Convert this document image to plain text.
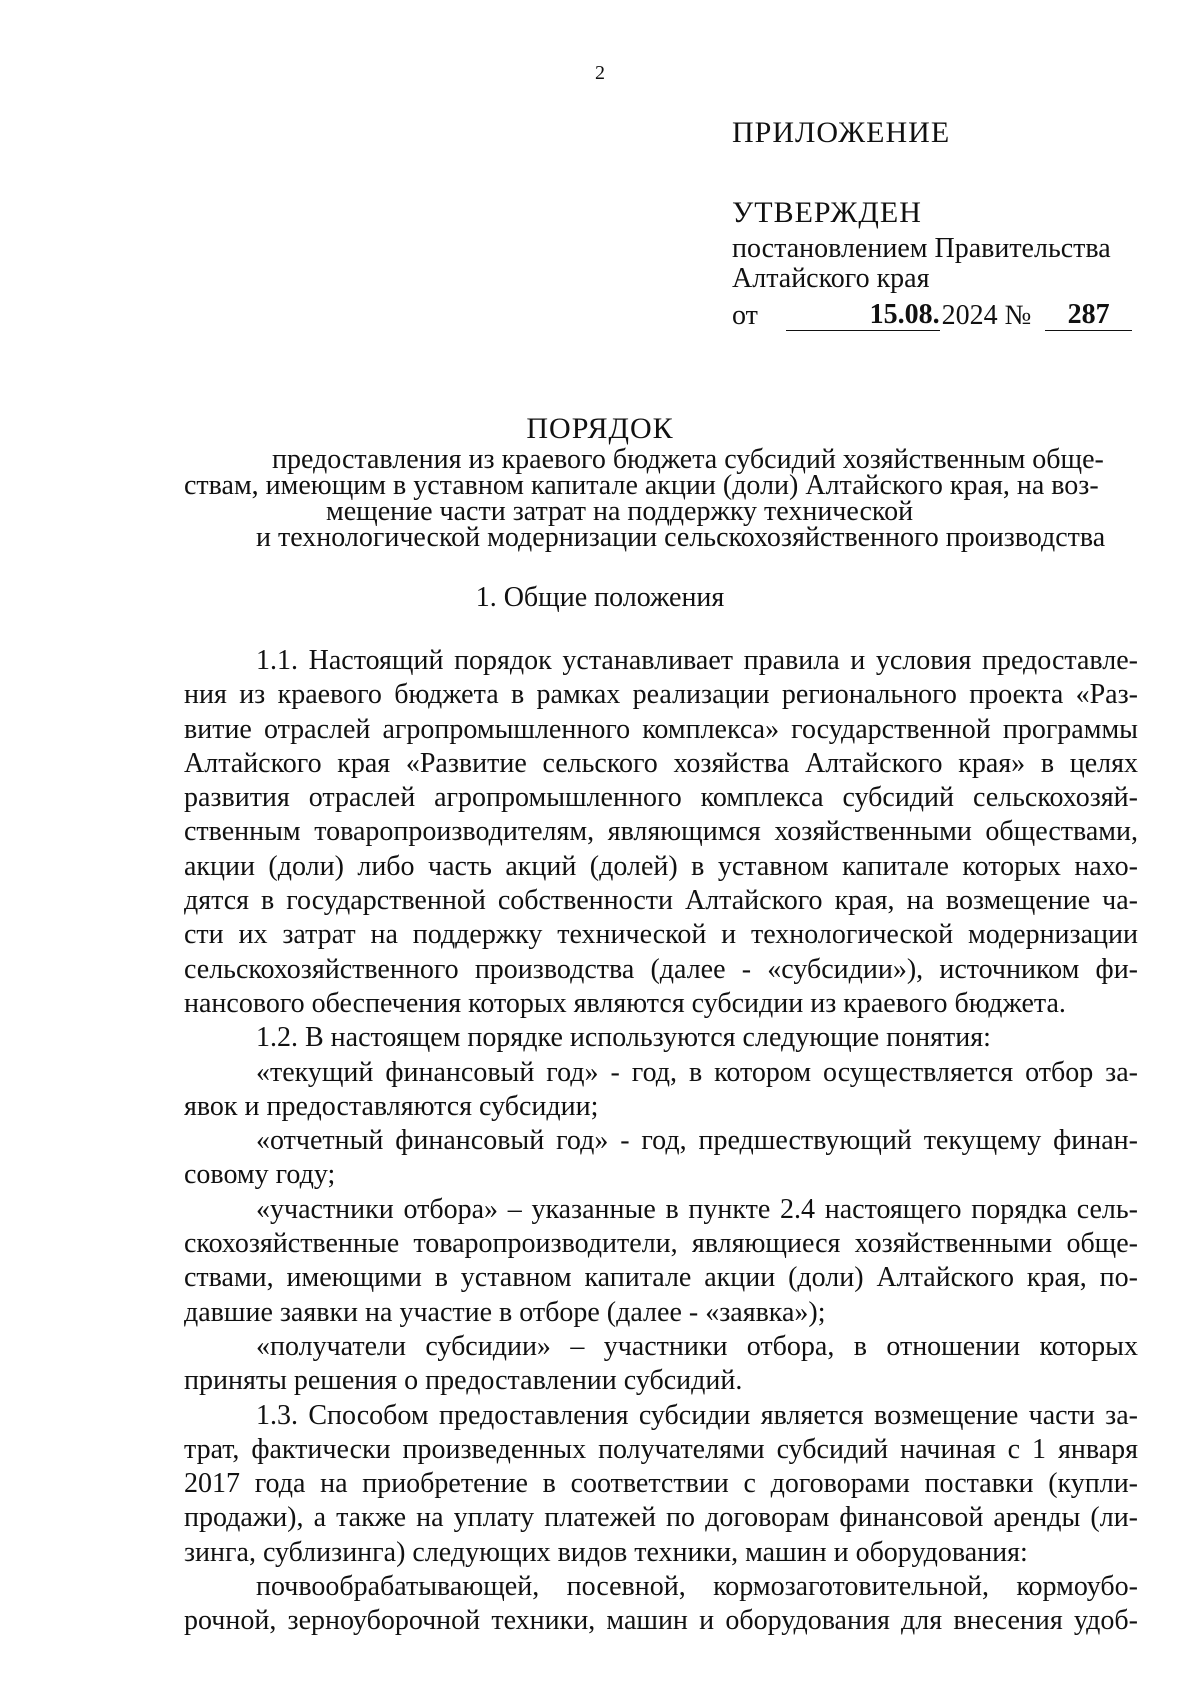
2
ПРИЛОЖЕНИЕ
УТВЕРЖДЕН
постановлением Правительства
Алтайского края
от	15.08. 2024 №	287
ПОРЯДОК
предоставления из краевого бюджета субсидий хозяйственным обще-
ствам, имеющим в уставном капитале акции (доли) Алтайского края, на воз-
мещение части затрат на поддержку технической
и технологической модернизации сельскохозяйственного производства
1. Общие положения
1.1. Настоящий порядок устанавливает правила и условия предоставле-
ния из краевого бюджета в рамках реализации регионального проекта «Раз-
витие отраслей агропромышленного комплекса» государственной программы
Алтайского края «Развитие сельского хозяйства Алтайского края» в целях
развития отраслей агропромышленного комплекса субсидий сельскохозяй-
ственным товаропроизводителям, являющимся хозяйственными обществами,
акции (доли) либо часть акций (долей) в уставном капитале которых нахо-
дятся в государственной собственности Алтайского края, на возмещение ча-
сти их затрат на поддержку технической и технологической модернизации
сельскохозяйственного производства (далее - «субсидии»), источником фи-
нансового обеспечения которых являются субсидии из краевого бюджета.
1.2. В настоящем порядке используются следующие понятия:
«текущий финансовый год» - год, в котором осуществляется отбор за-
явок и предоставляются субсидии;
«отчетный финансовый год» - год, предшествующий текущему финан-
совому году;
«участники отбора» – указанные в пункте 2.4 настоящего порядка сель-
скохозяйственные товаропроизводители, являющиеся хозяйственными обще-
ствами, имеющими в уставном капитале акции (доли) Алтайского края, по-
давшие заявки на участие в отборе (далее - «заявка»);
«получатели субсидии» – участники отбора, в отношении которых
приняты решения о предоставлении субсидий.
1.3. Способом предоставления субсидии является возмещение части за-
трат, фактически произведенных получателями субсидий начиная с 1 января
2017 года на приобретение в соответствии с договорами поставки (купли-
продажи), а также на уплату платежей по договорам финансовой аренды (ли-
зинга, сублизинга) следующих видов техники, машин и оборудования:
почвообрабатывающей, посевной, кормозаготовительной, кормоубо-
рочной, зерноуборочной техники, машин и оборудования для внесения удоб-
